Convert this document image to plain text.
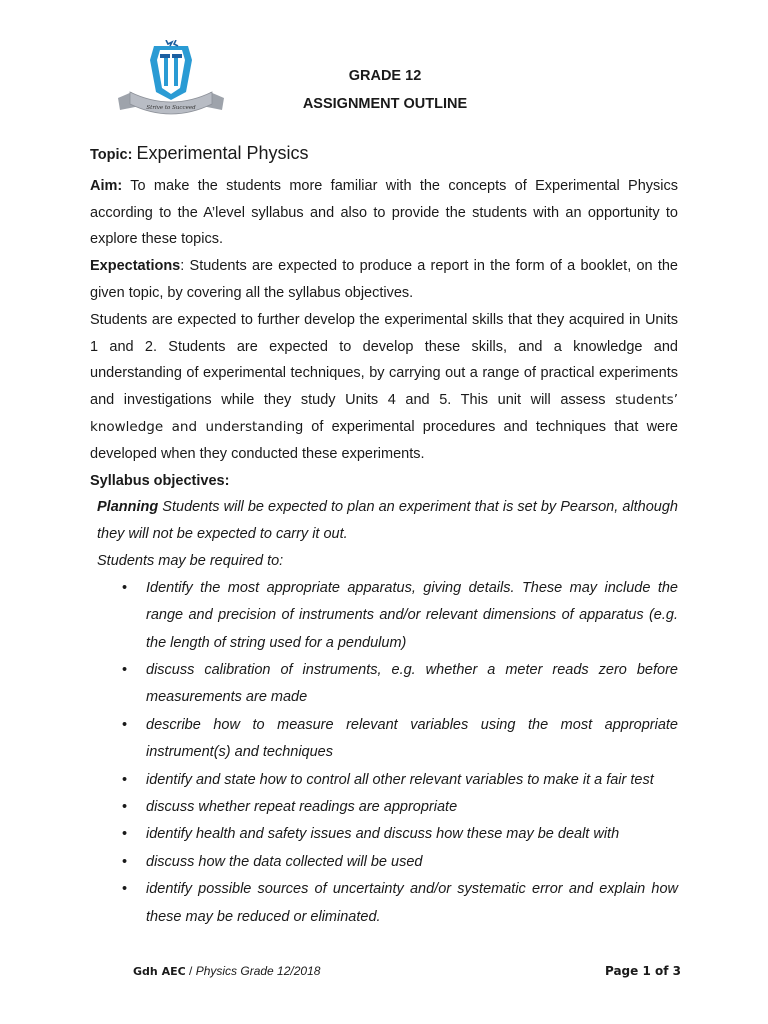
Strive to Succeed
GRADE 12
ASSIGNMENT OUTLINE

Topic: Experimental Physics

Aim: To make the students more familiar with the concepts of Experimental Physics according to the A’level syllabus and also to provide the students with an opportunity to explore these topics.

Expectations: Students are expected to produce a report in the form of a booklet, on the given topic, by covering all the syllabus objectives.

Students are expected to further develop the experimental skills that they acquired in Units 1 and 2. Students are expected to develop these skills, and a knowledge and understanding of experimental techniques, by carrying out a range of practical experiments and investigations while they study Units 4 and 5. This unit will assess students’ knowledge and understanding of experimental procedures and techniques that were developed when they conducted these experiments.

Syllabus objectives:

Planning Students will be expected to plan an experiment that is set by Pearson, although they will not be expected to carry it out.

Students may be required to:

• Identify the most appropriate apparatus, giving details. These may include the range and precision of instruments and/or relevant dimensions of apparatus (e.g. the length of string used for a pendulum)
• discuss calibration of instruments, e.g. whether a meter reads zero before measurements are made
• describe how to measure relevant variables using the most appropriate instrument(s) and techniques
• identify and state how to control all other relevant variables to make it a fair test
• discuss whether repeat readings are appropriate
• identify health and safety issues and discuss how these may be dealt with
• discuss how the data collected will be used
• identify possible sources of uncertainty and/or systematic error and explain how these may be reduced or eliminated.
Gdh AEC / Physics Grade 12/2018	Page 1 of 3
